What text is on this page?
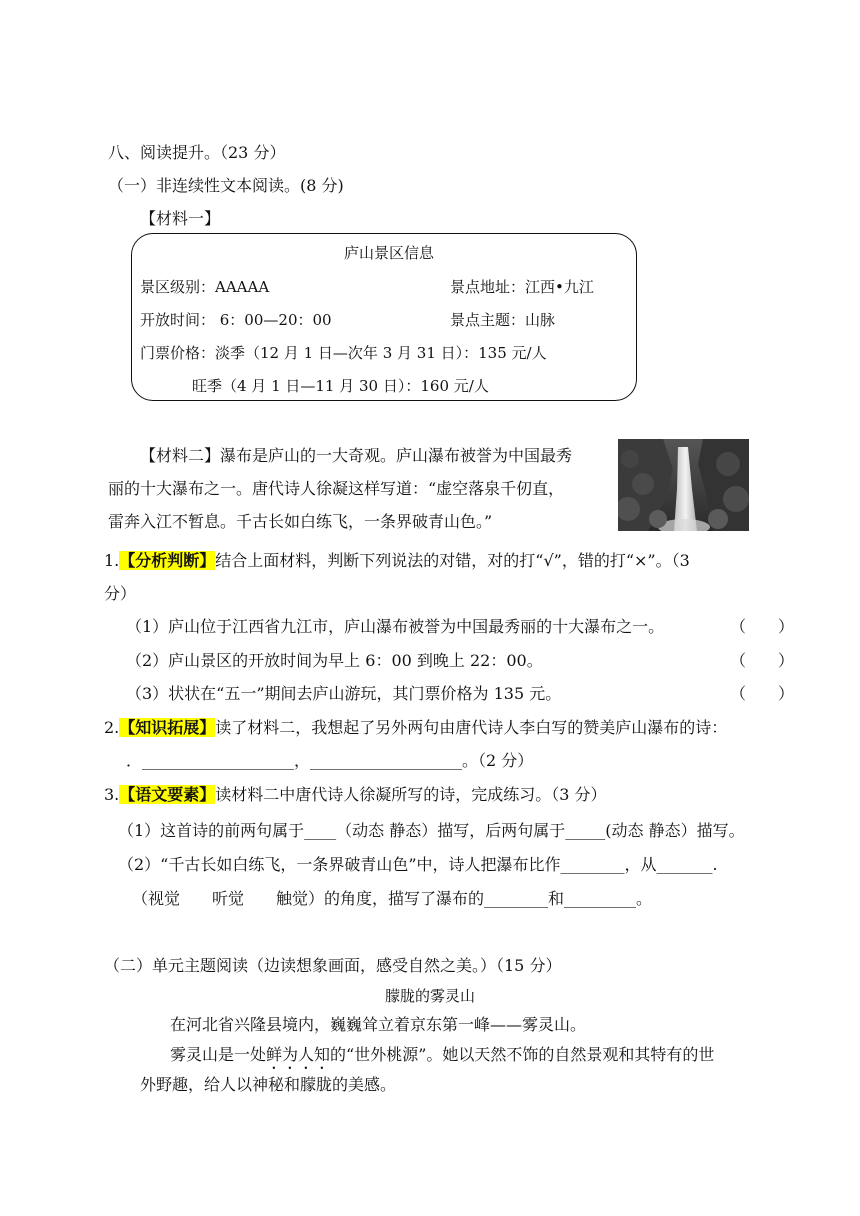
八、阅读提升。（23 分）
（一）非连续性文本阅读。(8 分)
【材料一】
庐山景区信息
景区级别：AAAAA	景点地址：江西•九江
开放时间： 6：00—20：00	景点主题：山脉
门票价格：淡季（12 月 1 日—次年 3 月 31 日）：135 元/人
旺季（4 月 1 日—11 月 30 日）：160 元/人
【材料二】瀑布是庐山的一大奇观。庐山瀑布被誉为中国最秀
丽的十大瀑布之一。唐代诗人徐凝这样写道：“虚空落泉千仞直，
雷奔入江不暂息。千古长如白练飞，一条界破青山色。”
1.【分析判断】结合上面材料，判断下列说法的对错，对的打“√”，错的打“×”。（3
分）
（1）庐山位于江西省九江市，庐山瀑布被誉为中国最秀丽的十大瀑布之一。	（　　）
（2）庐山景区的开放时间为早上 6：00 到晚上 22：00。	（　　）
（3）状状在“五一”期间去庐山游玩，其门票价格为 135 元。	（　　）
2.【知识拓展】读了材料二，我想起了另外两句由唐代诗人李白写的赞美庐山瀑布的诗：
．___________________，___________________。（2 分）
3.【语文要素】读材料二中唐代诗人徐凝所写的诗，完成练习。（3 分）
（1）这首诗的前两句属于____（动态 静态）描写，后两句属于_____(动态 静态）描写。
（2）“千古长如白练飞，一条界破青山色”中，诗人把瀑布比作________，从_______.
（视觉　　听觉　　触觉）的角度，描写了瀑布的________和_________。
（二）单元主题阅读（边读想象画面，感受自然之美。）（15 分）
朦胧的雾灵山
在河北省兴隆县境内，巍巍耸立着京东第一峰——雾灵山。
雾灵山是一处鲜为人知的“世外桃源”。她以天然不饰的自然景观和其特有的世
外野趣，给人以神秘和朦胧的美感。
